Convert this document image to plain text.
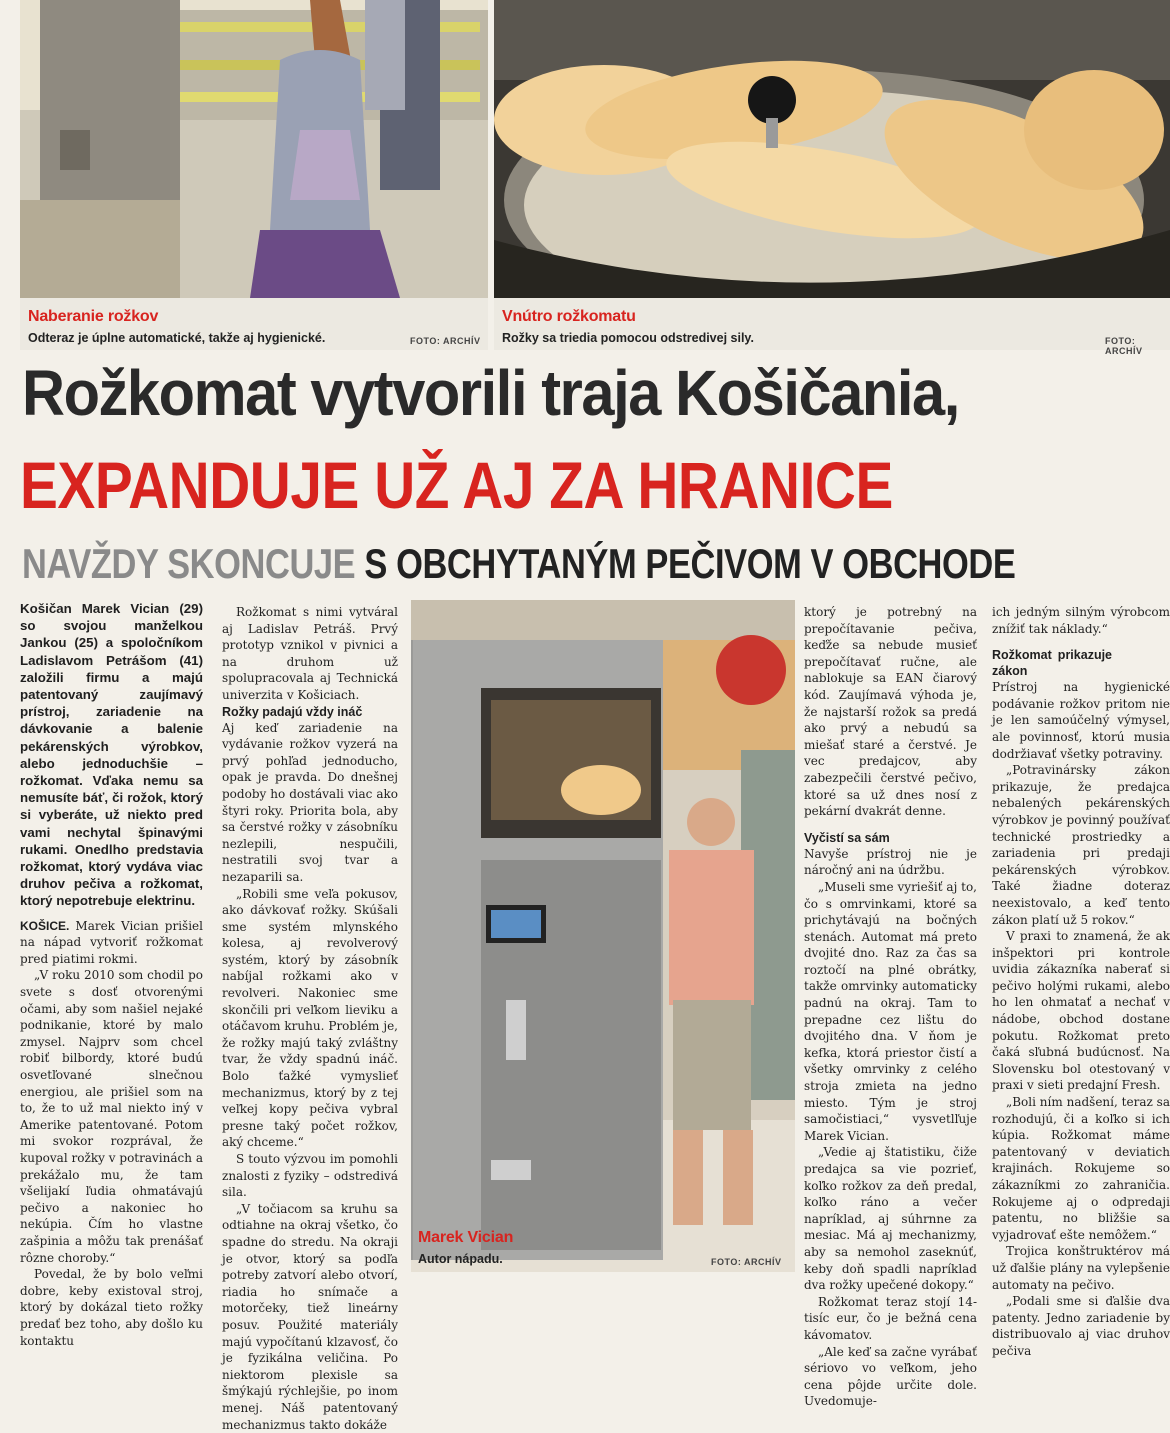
Naberanie rožkov
Odteraz je úplne automatické, takže aj hygienické.	FOTO: ARCHÍV
Vnútro rožkomatu
Rožky sa triedia pomocou odstredivej sily.	FOTO: ARCHÍV
Rožkomat vytvorili traja Košičania,
EXPANDUJE UŽ AJ ZA HRANICE
NAVŽDY SKONCUJE S OBCHYTANÝM PEČIVOM V OBCHODE

Košičan Marek Vician (29) so svojou manželkou Jankou (25) a spoločníkom Ladislavom Petrášom (41) založili firmu a majú patentovaný zaujímavý prístroj, zariadenie na dávkovanie a balenie pekárenských výrobkov, alebo jednoduchšie – rožkomat. Vďaka nemu sa nemusíte báť, či rožok, ktorý si vyberáte, už niekto pred vami nechytal špinavými rukami. Onedlho predstavia rožkomat, ktorý vydáva viac druhov pečiva a rožkomat, ktorý nepotrebuje elektrinu.

KOŠICE. Marek Vician prišiel na nápad vytvoriť rožkomat pred piatimi rokmi.

„V roku 2010 som chodil po svete s dosť otvorenými očami, aby som našiel nejaké podnikanie, ktoré by malo zmysel. Najprv som chcel robiť bilbordy, ktoré budú osvetľované slnečnou energiou, ale prišiel som na to, že to už mal niekto iný v Amerike patentované. Potom mi svokor rozprával, že kupoval rožky v potravinách a prekážalo mu, že tam všelijakí ľudia ohmatávajú pečivo a nakoniec ho nekúpia. Čím ho vlastne zašpinia a môžu tak prenášať rôzne choroby.“

Povedal, že by bolo veľmi dobre, keby existoval stroj, ktorý by dokázal tieto rožky predať bez toho, aby došlo ku kontaktu

Rožkomat s nimi vytváral aj Ladislav Petráš. Prvý prototyp vznikol v pivnici a na druhom už spolupracovala aj Technická univerzita v Košiciach.

Rožky padajú vždy ináč

Aj keď zariadenie na vydávanie rožkov vyzerá na prvý pohľad jednoducho, opak je pravda. Do dnešnej podoby ho dostávali viac ako štyri roky. Priorita bola, aby sa čerstvé rožky v zásobníku nezlepili, nespučili, nestratili svoj tvar a nezaparili sa.

„Robili sme veľa pokusov, ako dávkovať rožky. Skúšali sme systém mlynského kolesa, aj revolverový systém, ktorý by zásobník nabíjal rožkami ako v revolveri. Nakoniec sme skončili pri veľkom lieviku a otáčavom kruhu. Problém je, že rožky majú taký zvláštny tvar, že vždy spadnú ináč. Bolo ťažké vymyslieť mechanizmus, ktorý by z tej veľkej kopy pečiva vybral presne taký počet rožkov, aký chceme.“

S touto výzvou im pomohli znalosti z fyziky – odstredivá sila.

„V točiacom sa kruhu sa odtiahne na okraj všetko, čo spadne do stredu. Na okraji je otvor, ktorý sa podľa potreby zatvorí alebo otvorí, riadia ho snímače a motorčeky, tiež lineárny posuv. Použité materiály majú vypočítanú klzavosť, čo je fyzikálna veličina. Po niektorom plexisle sa šmýkajú rýchlejšie, po inom menej. Náš patentovaný mechanizmus takto dokáže

Marek Vician
Autor nápadu.	FOTO: ARCHÍV

ktorý je potrebný na prepočítavanie pečiva, keďže sa nebude musieť prepočítavať ručne, ale nablokuje sa EAN čiarový kód. Zaujímavá výhoda je, že najstarší rožok sa predá ako prvý a nebudú sa miešať staré a čerstvé. Je vec predajcov, aby zabezpečili čerstvé pečivo, ktoré sa už dnes nosí z pekární dvakrát denne.

Vyčistí sa sám

Navyše prístroj nie je náročný ani na údržbu.

„Museli sme vyriešiť aj to, čo s omrvinkami, ktoré sa prichytávajú na bočných stenách. Automat má preto dvojité dno. Raz za čas sa roztočí na plné obrátky, takže omrvinky automaticky padnú na okraj. Tam to prepadne cez lištu do dvojitého dna. V ňom je kefka, ktorá priestor čistí a všetky omrvinky z celého stroja zmieta na jedno miesto. Tým je stroj samočistiaci,“ vysvetlľuje Marek Vician.

„Vedie aj štatistiku, čiže predajca sa vie pozrieť, koľko rožkov za deň predal, koľko ráno a večer napríklad, aj súhrnne za mesiac. Má aj mechanizmy, aby sa nemohol zaseknúť, keby doň spadli napríklad dva rožky upečené dokopy.“

Rožkomat teraz stojí 14-tisíc eur, čo je bežná cena kávomatov.

„Ale keď sa začne vyrábať sériovo vo veľkom, jeho cena pôjde určite dole. Uvedomuje-

ich jedným silným výrobcom znížiť tak náklady.“

Rožkomat prikazuje zákon

Prístroj na hygienické podávanie rožkov pritom nie je len samoúčelný výmysel, ale povinnosť, ktorú musia dodržiavať všetky potraviny.

„Potravinársky zákon prikazuje, že predajca nebalených pekárenských výrobkov je povinný používať technické prostriedky a zariadenia pri predaji pekárenských výrobkov. Také žiadne doteraz neexistovalo, a keď tento zákon platí už 5 rokov.“

V praxi to znamená, že ak inšpektori pri kontrole uvidia zákazníka naberať si pečivo holými rukami, alebo ho len ohmatať a nechať v nádobe, obchod dostane pokutu. Rožkomat preto čaká sľubná budúcnosť. Na Slovensku bol otestovaný v praxi v sieti predajní Fresh.

„Boli ním nadšení, teraz sa rozhodujú, či a koľko si ich kúpia. Rožkomat máme patentovaný v deviatich krajinách. Rokujeme so zákazníkmi zo zahraničia. Rokujeme aj o odpredaji patentu, no bližšie sa vyjadrovať ešte nemôžem.“

Trojica konštruktérov má už ďalšie plány na vylepšenie automaty na pečivo.

„Podali sme si ďalšie dva patenty. Jedno zariadenie by distribuovalo aj viac druhov pečiva
